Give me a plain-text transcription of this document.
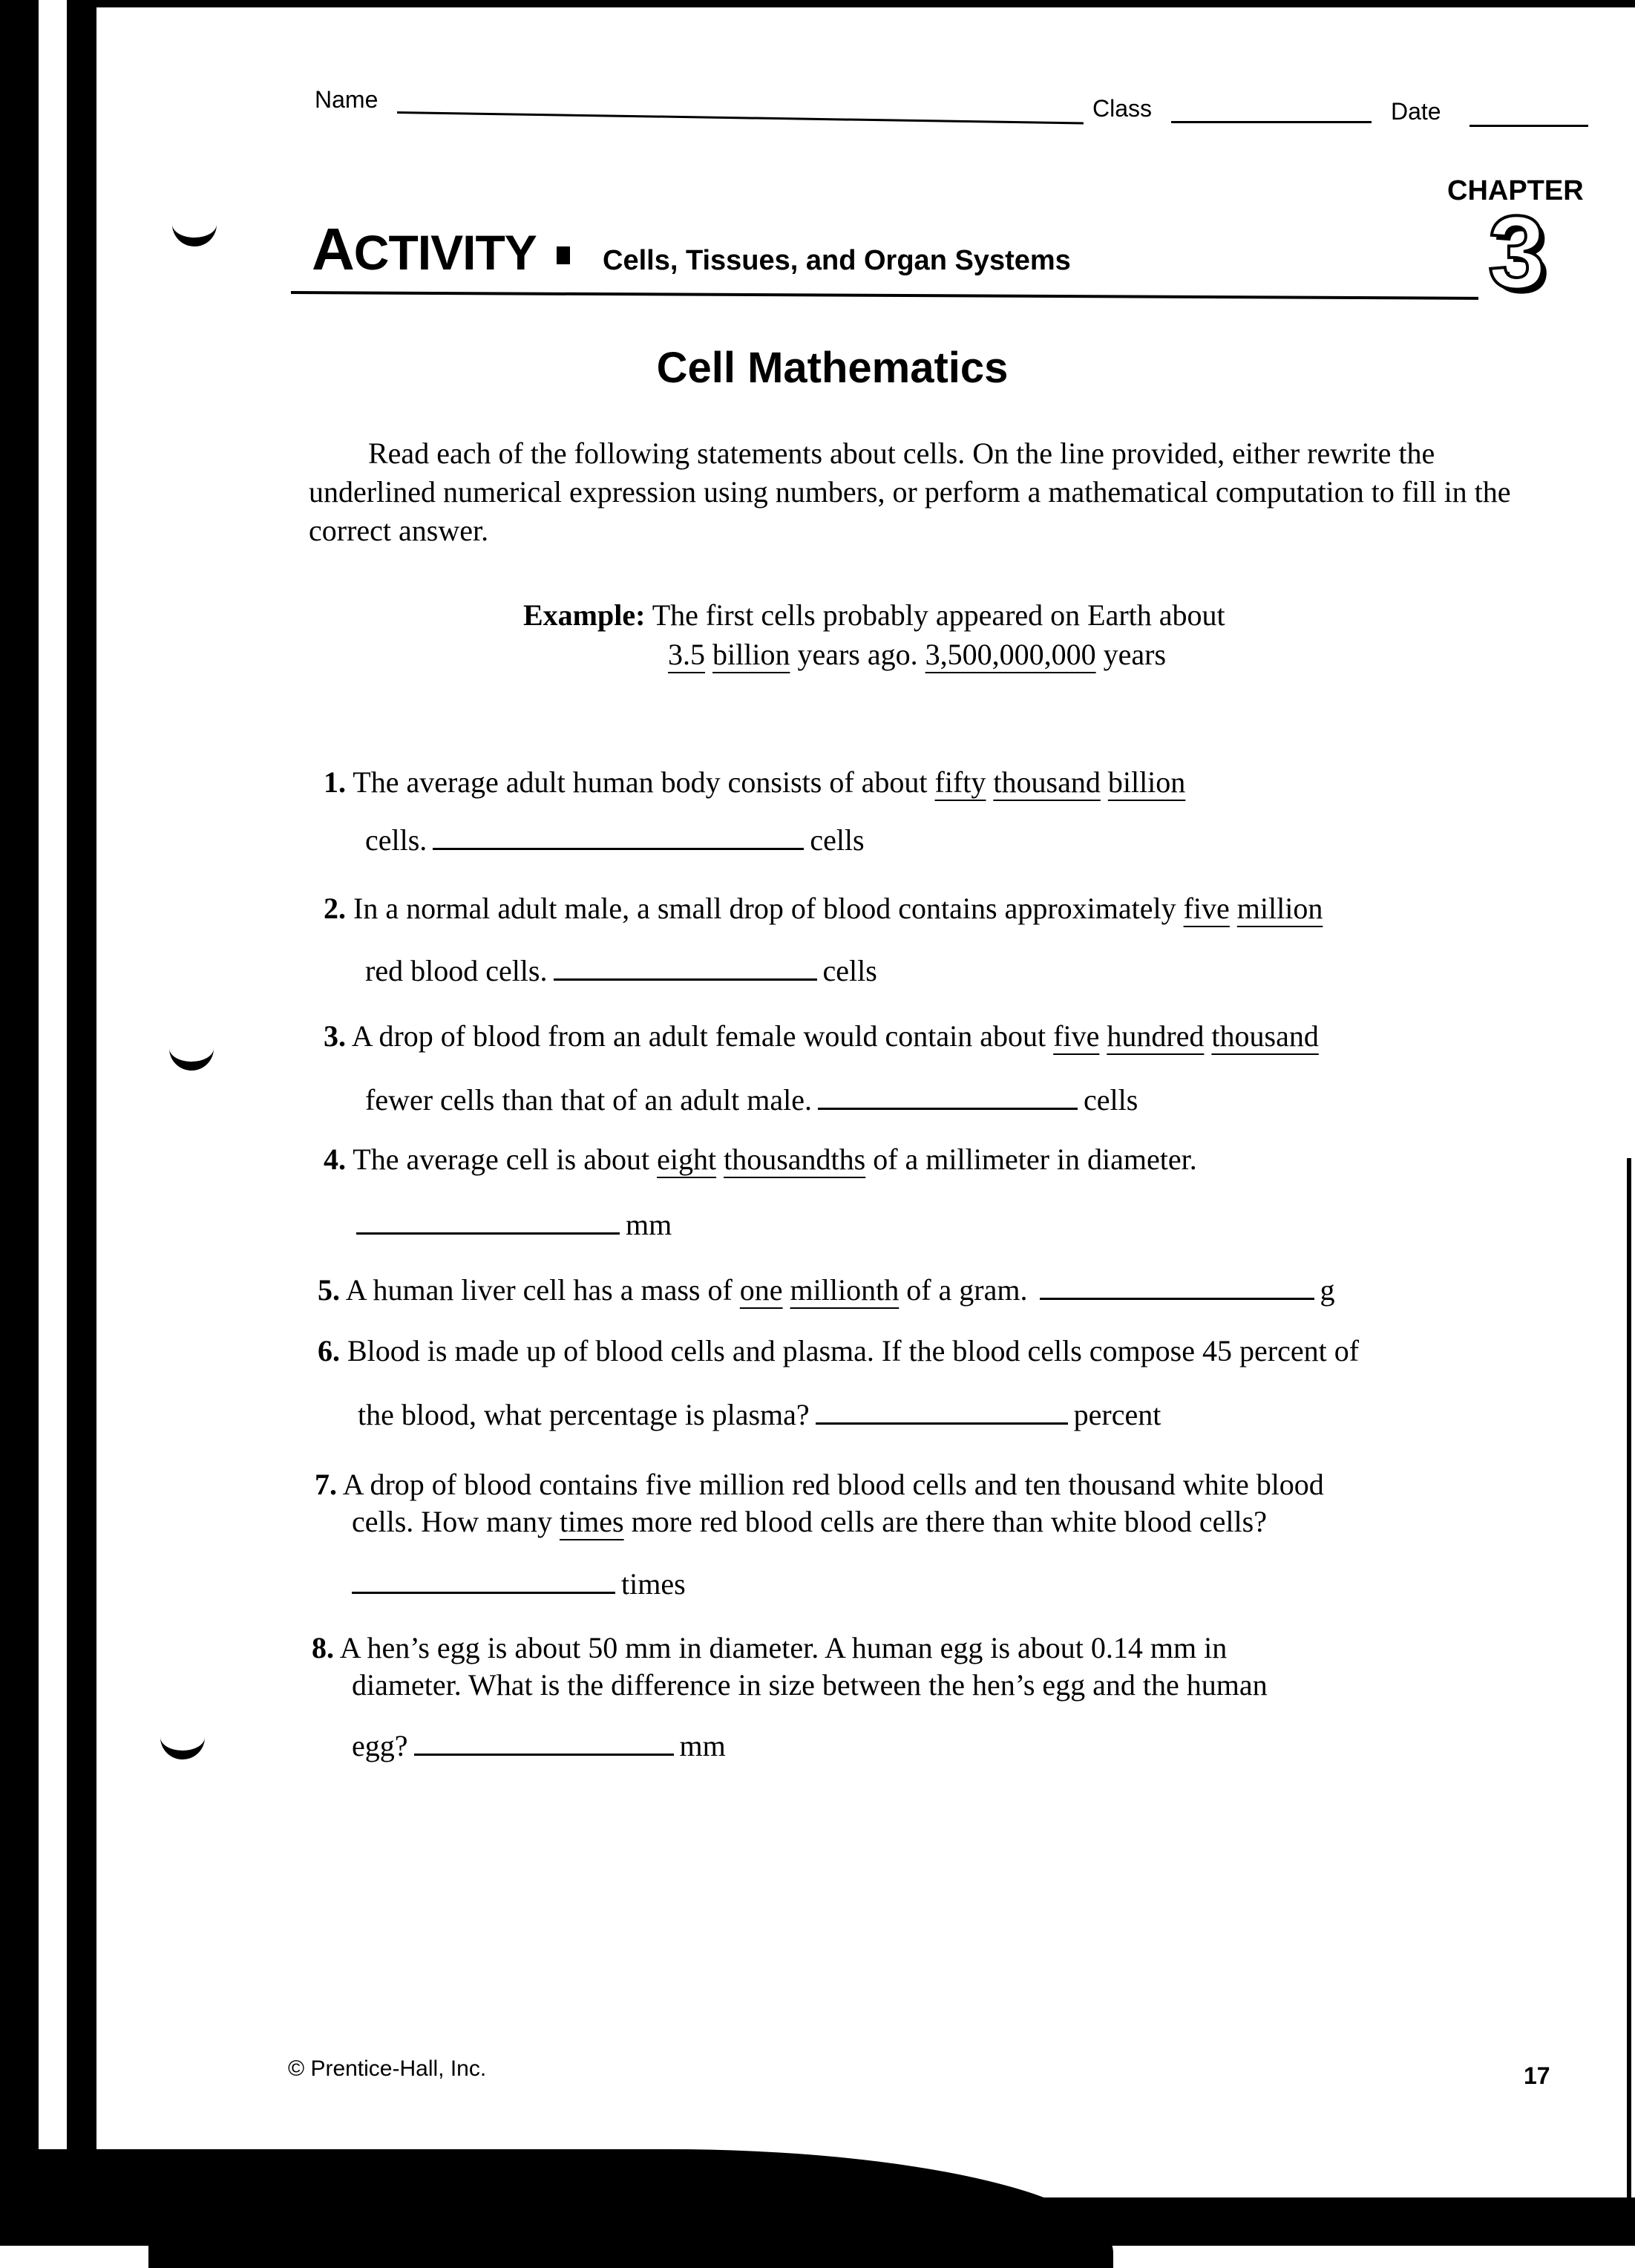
Name	Class	Date
CHAPTER
3
ACTIVITY Cells, Tissues, and Organ Systems
Cell Mathematics
Read each of the following statements about cells. On the line provided, either rewrite the underlined numerical expression using numbers, or perform a mathematical computation to fill in the correct answer.
Example: The first cells probably appeared on Earth about
3.5 billion years ago. 3,500,000,000 years
1. The average adult human body consists of about fifty thousand billion
cells.	cells
2. In a normal adult male, a small drop of blood contains approximately five million
red blood cells.	cells
3. A drop of blood from an adult female would contain about five hundred thousand
fewer cells than that of an adult male.	cells
4. The average cell is about eight thousandths of a millimeter in diameter.
mm
5. A human liver cell has a mass of one millionth of a gram.	g
6. Blood is made up of blood cells and plasma. If the blood cells compose 45 percent of
the blood, what percentage is plasma?	percent
7. A drop of blood contains five million red blood cells and ten thousand white blood
cells. How many times more red blood cells are there than white blood cells?
times
8. A hen’s egg is about 50 mm in diameter. A human egg is about 0.14 mm in
diameter. What is the difference in size between the hen’s egg and the human
egg?	mm
© Prentice-Hall, Inc.	17
